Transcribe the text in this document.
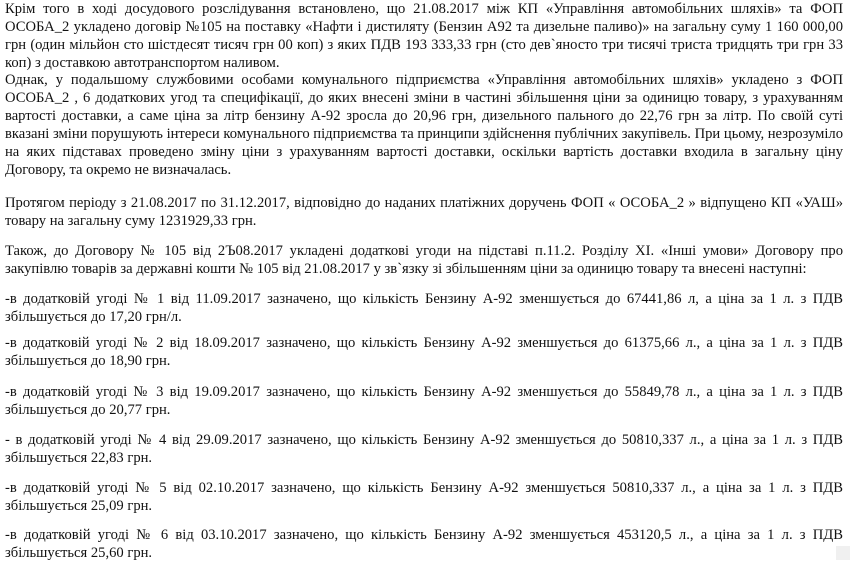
Крім того в ході досудового розслідування встановлено, що 21.08.2017 між КП «Управління автомобільних шляхів» та ФОП ОСОБА_2 укладено договір №105 на поставку «Нафти і дистиляту (Бензин А92 та дизельне паливо)» на загальну суму 1 160 000,00 грн (один мільйон сто шістдесят тисяч грн 00 коп) з яких ПДВ 193 333,33 грн (сто дев`яносто три тисячі триста тридцять три грн 33 коп) з доставкою автотранспортом наливом.

Однак, у подальшому службовими особами комунального підприємства «Управління автомобільних шляхів» укладено з ФОП ОСОБА_2 , 6 додаткових угод та специфікації, до яких внесені зміни в частині збільшення ціни за одиницю товару, з урахуванням вартості доставки, а саме ціна за літр бензину А-92 зросла до 20,96 грн, дизельного пального до 22,76 грн за літр. По своїй суті вказані зміни порушують інтереси комунального підприємства та принципи здійснення публічних закупівель. При цьому, незрозуміло на яких підставах проведено зміну ціни з урахуванням вартості доставки, оскільки вартість доставки входила в загальну ціну Договору, та окремо не визначалась.

Протягом періоду з 21.08.2017 по 31.12.2017, відповідно до наданих платіжних доручень ФОП « ОСОБА_2 » відпущено КП «УАШ» товару на загальну суму 1231929,33 грн.

Також, до Договору № 105 від 2Ъ08.2017 укладені додаткові угоди на підставі п.11.2. Розділу XI. «Інші умови» Договору про закупівлю товарів за державні кошти № 105 від 21.08.2017 у зв`язку зі збільшенням ціни за одиницю товару та внесені наступні:

-в додатковій угоді № 1 від 11.09.2017 зазначено, що кількість Бензину А-92 зменшується до 67441,86 л, а ціна за 1 л. з ПДВ збільшується до 17,20 грн/л.

-в додатковій угоді № 2 від 18.09.2017 зазначено, що кількість Бензину А-92 зменшується до 61375,66 л., а ціна за 1 л. з ПДВ збільшується до 18,90 грн.

-в додатковій угоді № 3 від 19.09.2017 зазначено, що кількість Бензину А-92 зменшується до 55849,78 л., а ціна за 1 л. з ПДВ збільшується до 20,77 грн.

- в додатковій угоді № 4 від 29.09.2017 зазначено, що кількість Бензину А-92 зменшується до 50810,337 л., а ціна за 1 л. з ПДВ збільшується 22,83 грн.

-в додатковій угоді № 5 від 02.10.2017 зазначено, що кількість Бензину А-92 зменшується 50810,337 л., а ціна за 1 л. з ПДВ збільшується 25,09 грн.

-в додатковій угоді № 6 від 03.10.2017 зазначено, що кількість Бензину А-92 зменшується 453120,5 л., а ціна за 1 л. з ПДВ збільшується 25,60 грн.
